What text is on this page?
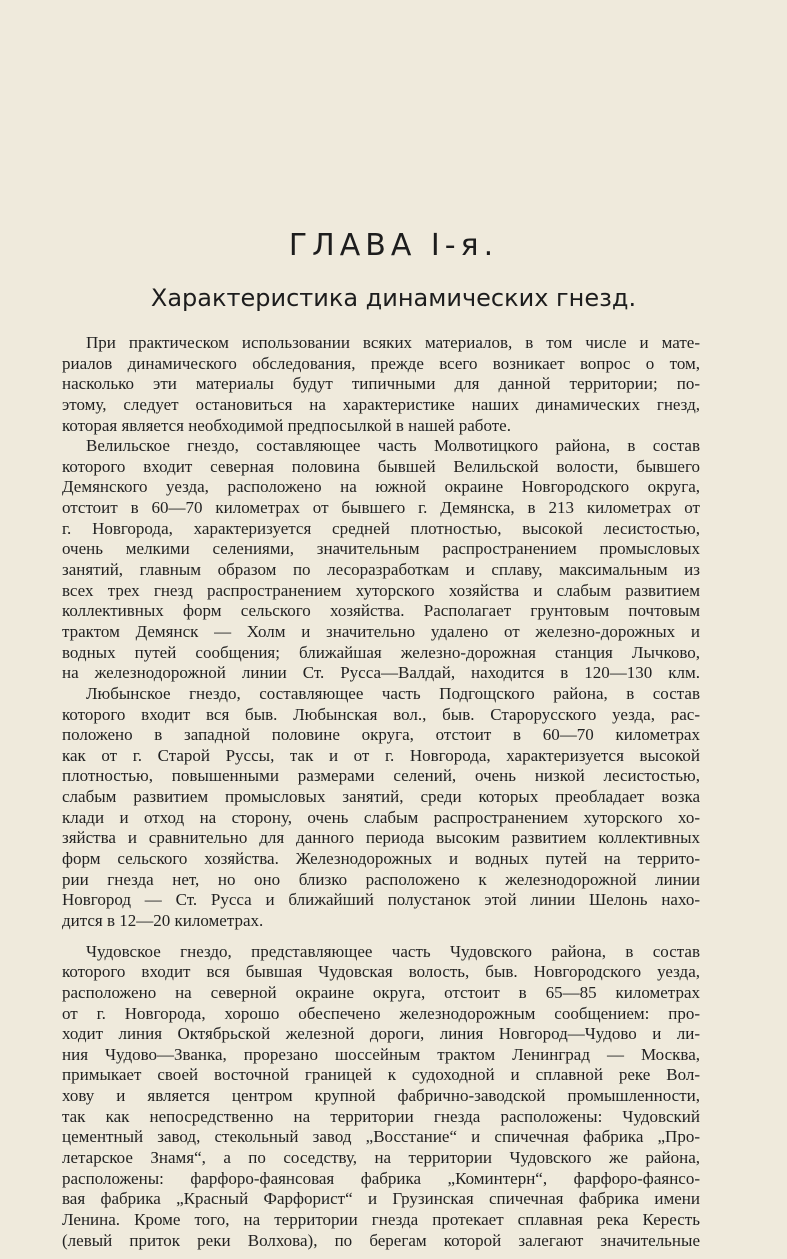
ГЛАВА I-я.
Характеристика динамических гнезд.
При практическом использовании всяких материалов, в том числе и мате-
риалов динамического обследования, прежде всего возникает вопрос о том,
насколько эти материалы будут типичными для данной территории; по-
этому, следует остановиться на характеристике наших динамических гнезд,
которая является необходимой предпосылкой в нашей работе.
Велильское гнездо, составляющее часть Молвотицкого района, в состав
которого входит северная половина бывшей Велильской волости, бывшего
Демянского уезда, расположено на южной окраине Новгородского округа,
отстоит в 60—70 километрах от бывшего г. Демянска, в 213 километрах от
г. Новгорода, характеризуется средней плотностью, высокой лесистостью,
очень мелкими селениями, значительным распространением промысловых
занятий, главным образом по лесоразработкам и сплаву, максимальным из
всех трех гнезд распространением хуторского хозяйства и слабым развитием
коллективных форм сельского хозяйства. Располагает грунтовым почтовым
трактом Демянск — Холм и значительно удалено от железно-дорожных и
водных путей сообщения; ближайшая железно-дорожная станция Лычково,
на железнодорожной линии Ст. Русса—Валдай, находится в 120—130 клм.
Любынское гнездо, составляющее часть Подгощского района, в состав
которого входит вся быв. Любынская вол., быв. Старорусского уезда, рас-
положено в западной половине округа, отстоит в 60—70 километрах
как от г. Старой Руссы, так и от г. Новгорода, характеризуется высокой
плотностью, повышенными размерами селений, очень низкой лесистостью,
слабым развитием промысловых занятий, среди которых преобладает возка
клади и отход на сторону, очень слабым распространением хуторского хо-
зяйства и сравнительно для данного периода высоким развитием коллективных
форм сельского хозяйства. Железнодорожных и водных путей на террито-
рии гнезда нет, но оно близко расположено к железнодорожной линии
Новгород — Ст. Русса и ближайший полустанок этой линии Шелонь нахо-
дится в 12—20 километрах.
Чудовское гнездо, представляющее часть Чудовского района, в состав
которого входит вся бывшая Чудовская волость, быв. Новгородского уезда,
расположено на северной окраине округа, отстоит в 65—85 километрах
от г. Новгорода, хорошо обеспечено железнодорожным сообщением: про-
ходит линия Октябрьской железной дороги, линия Новгород—Чудово и ли-
ния Чудово—Званка, прорезано шоссейным трактом Ленинград — Москва,
примыкает своей восточной границей к судоходной и сплавной реке Вол-
хову и является центром крупной фабрично-заводской промышленности,
так как непосредственно на территории гнезда расположены: Чудовский
цементный завод, стекольный завод „Восстание“ и спичечная фабрика „Про-
летарское Знамя“, а по соседству, на территории Чудовского же района,
расположены: фарфоро-фаянсовая фабрика „Коминтерн“, фарфоро-фаянсо-
вая фабрика „Красный Фарфорист“ и Грузинская спичечная фабрика имени
Ленина. Кроме того, на территории гнезда протекает сплавная река Кересть
(левый приток реки Волхова), по берегам которой залегают значительные
